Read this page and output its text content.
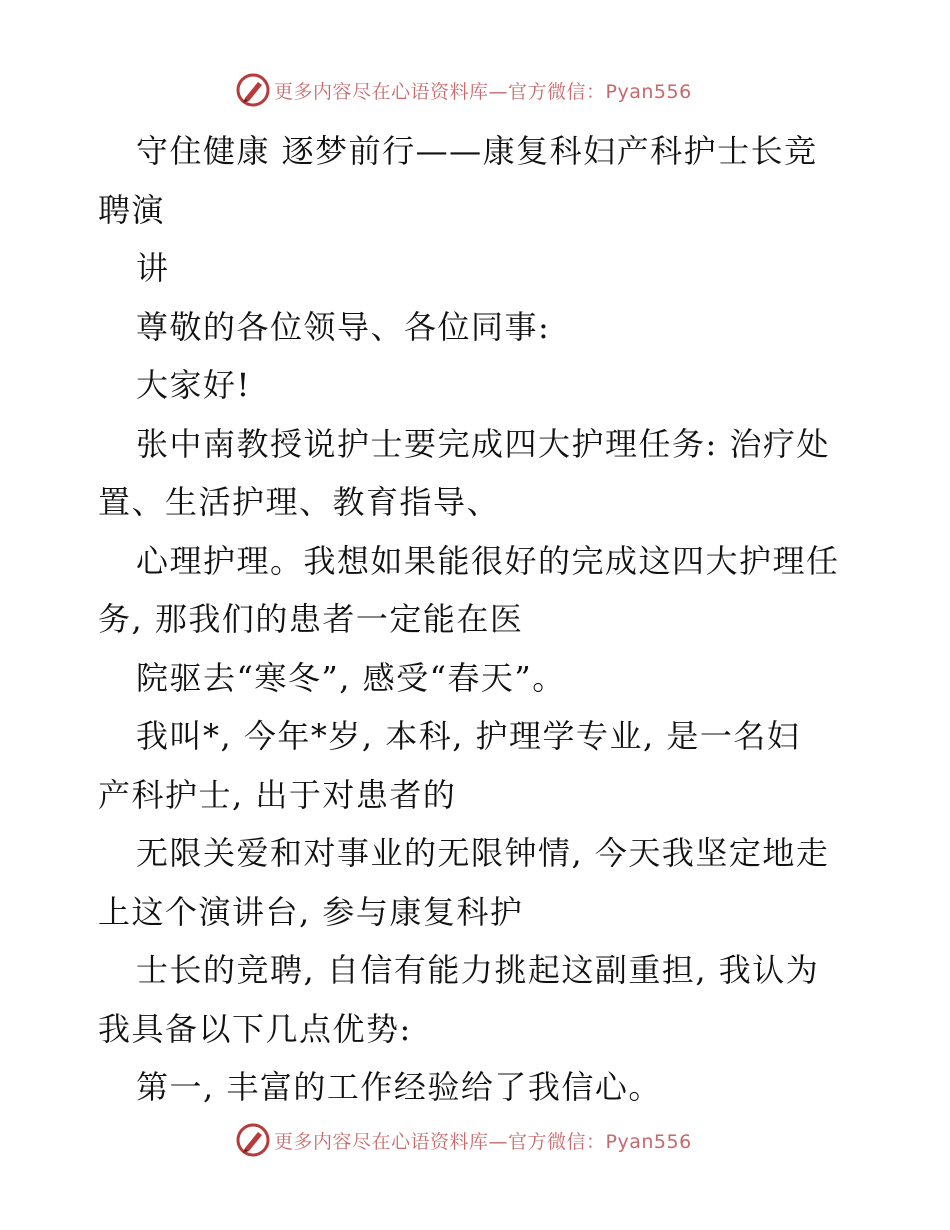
更多内容尽在心语资料库—官方微信：Pyan556
守住健康 逐梦前行——康复科妇产科护士长竞
聘演
讲
尊敬的各位领导、各位同事:
大家好!
张中南教授说护士要完成四大护理任务: 治疗处
置、生活护理、教育指导、
心理护理。我想如果能很好的完成这四大护理任
务, 那我们的患者一定能在医
院驱去“寒冬”, 感受“春天”。
我叫*, 今年*岁, 本科, 护理学专业, 是一名妇
产科护士, 出于对患者的
无限关爱和对事业的无限钟情, 今天我坚定地走
上这个演讲台, 参与康复科护
士长的竞聘, 自信有能力挑起这副重担, 我认为
我具备以下几点优势:
第一, 丰富的工作经验给了我信心。
更多内容尽在心语资料库—官方微信：Pyan556
